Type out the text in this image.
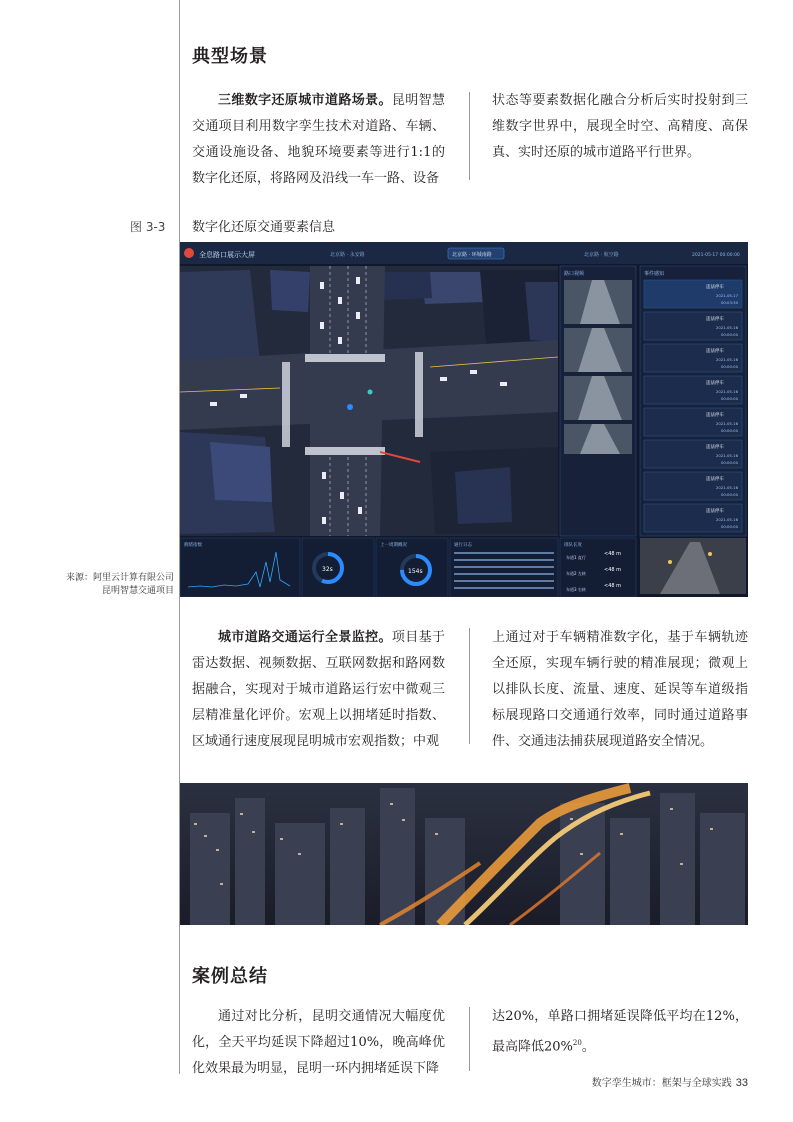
典型场景
三维数字还原城市道路场景。昆明智慧交通项目利用数字孪生技术对道路、车辆、交通设施设备、地貌环境要素等进行1:1的数字化还原，将路网及沿线一车一路、设备
状态等要素数据化融合分析后实时投射到三维数字世界中，展现全时空、高精度、高保真、实时还原的城市道路平行世界。
图 3-3 数字化还原交通要素信息
全息路口展示大屏	北京路 · 永安路	北京路 · 环城南路	北京路 · 航空路	2021-05-17 00:00:00
路口视频	事件感知
违法停车
2021-05-17
00:03:30
违法停车
2021-05-16
00:00:00
违法停车
2021-05-16
00:00:00
违法停车
2021-05-16
00:00:00
违法停车
2021-05-16
00:00:00
违法停车
2021-05-16
00:00:00
违法停车
2021-05-16
00:00:00
违法停车
2021-05-16
00:00:00
拥堵指数
32s
上一周期概况
154s
通行日志	排队长度
车道1 直行
<48 m
车道2 左转
<48 m
车道3 右转
<48 m
来源：阿里云计算有限公司昆明智慧交通项目
城市道路交通运行全景监控。项目基于雷达数据、视频数据、互联网数据和路网数据融合，实现对于城市道路运行宏中微观三层精准量化评价。宏观上以拥堵延时指数、区域通行速度展现昆明城市宏观指数；中观
上通过对于车辆精准数字化，基于车辆轨迹全还原，实现车辆行驶的精准展现；微观上以排队长度、流量、速度、延误等车道级指标展现路口交通通行效率，同时通过道路事件、交通违法捕获展现道路安全情况。
案例总结
通过对比分析，昆明交通情况大幅度优化，全天平均延误下降超过10%，晚高峰优化效果最为明显，昆明一环内拥堵延误下降
达20%，单路口拥堵延误降低平均在12%，最高降低20%$^{20}$。
数字孪生城市：框架与全球实践 33
